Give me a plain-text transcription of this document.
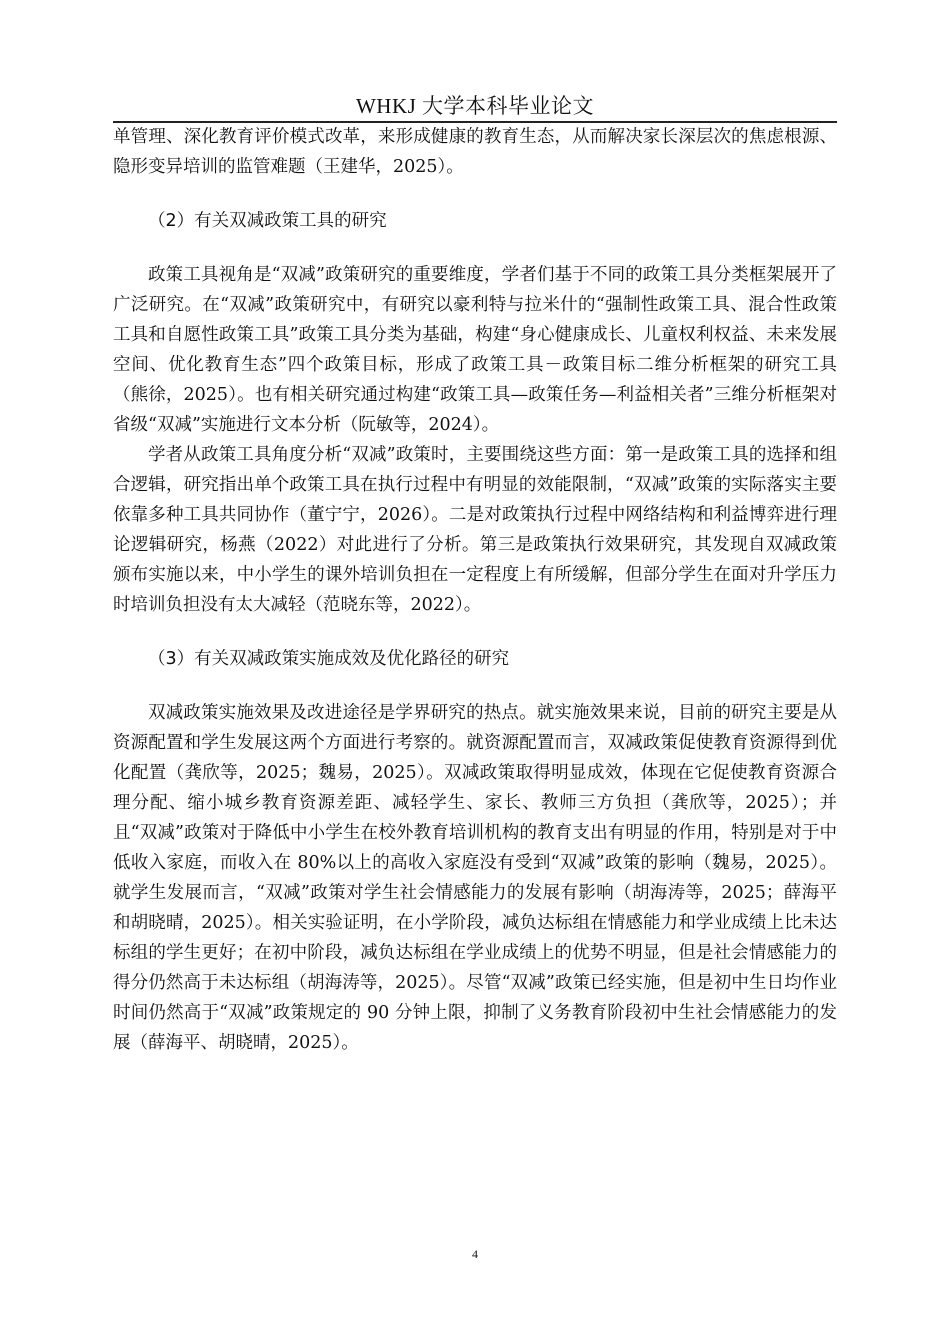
WHKJ 大学本科毕业论文

单管理、深化教育评价模式改革，来形成健康的教育生态，从而解决家长深层次的焦虑根源、隐形变异培训的监管难题（王建华，2025）。

（2）有关双减政策工具的研究

政策工具视角是“双减”政策研究的重要维度，学者们基于不同的政策工具分类框架展开了广泛研究。在“双减”政策研究中，有研究以豪利特与拉米什的“强制性政策工具、混合性政策工具和自愿性政策工具”政策工具分类为基础，构建“身心健康成长、儿童权利权益、未来发展空间、优化教育生态”四个政策目标，形成了政策工具－政策目标二维分析框架的研究工具（熊徐，2025）。也有相关研究通过构建“政策工具—政策任务—利益相关者”三维分析框架对省级“双减”实施进行文本分析（阮敏等，2024）。

学者从政策工具角度分析“双减”政策时，主要围绕这些方面：第一是政策工具的选择和组合逻辑，研究指出单个政策工具在执行过程中有明显的效能限制，“双减”政策的实际落实主要依靠多种工具共同协作（董宁宁，2026）。二是对政策执行过程中网络结构和利益博弈进行理论逻辑研究，杨燕（2022）对此进行了分析。第三是政策执行效果研究，其发现自双减政策颁布实施以来，中小学生的课外培训负担在一定程度上有所缓解，但部分学生在面对升学压力时培训负担没有太大减轻（范晓东等，2022）。

（3）有关双减政策实施成效及优化路径的研究

双减政策实施效果及改进途径是学界研究的热点。就实施效果来说，目前的研究主要是从资源配置和学生发展这两个方面进行考察的。就资源配置而言，双减政策促使教育资源得到优化配置（龚欣等，2025；魏易，2025）。双减政策取得明显成效，体现在它促使教育资源合理分配、缩小城乡教育资源差距、减轻学生、家长、教师三方负担（龚欣等，2025）；并且“双减”政策对于降低中小学生在校外教育培训机构的教育支出有明显的作用，特别是对于中低收入家庭，而收入在 80%以上的高收入家庭没有受到“双减”政策的影响（魏易，2025）。就学生发展而言，“双减”政策对学生社会情感能力的发展有影响（胡海涛等，2025；薛海平和胡晓晴，2025）。相关实验证明，在小学阶段，减负达标组在情感能力和学业成绩上比未达标组的学生更好；在初中阶段，减负达标组在学业成绩上的优势不明显，但是社会情感能力的得分仍然高于未达标组（胡海涛等，2025）。尽管“双减”政策已经实施，但是初中生日均作业时间仍然高于“双减”政策规定的 90 分钟上限，抑制了义务教育阶段初中生社会情感能力的发展（薛海平、胡晓晴，2025）。

4
